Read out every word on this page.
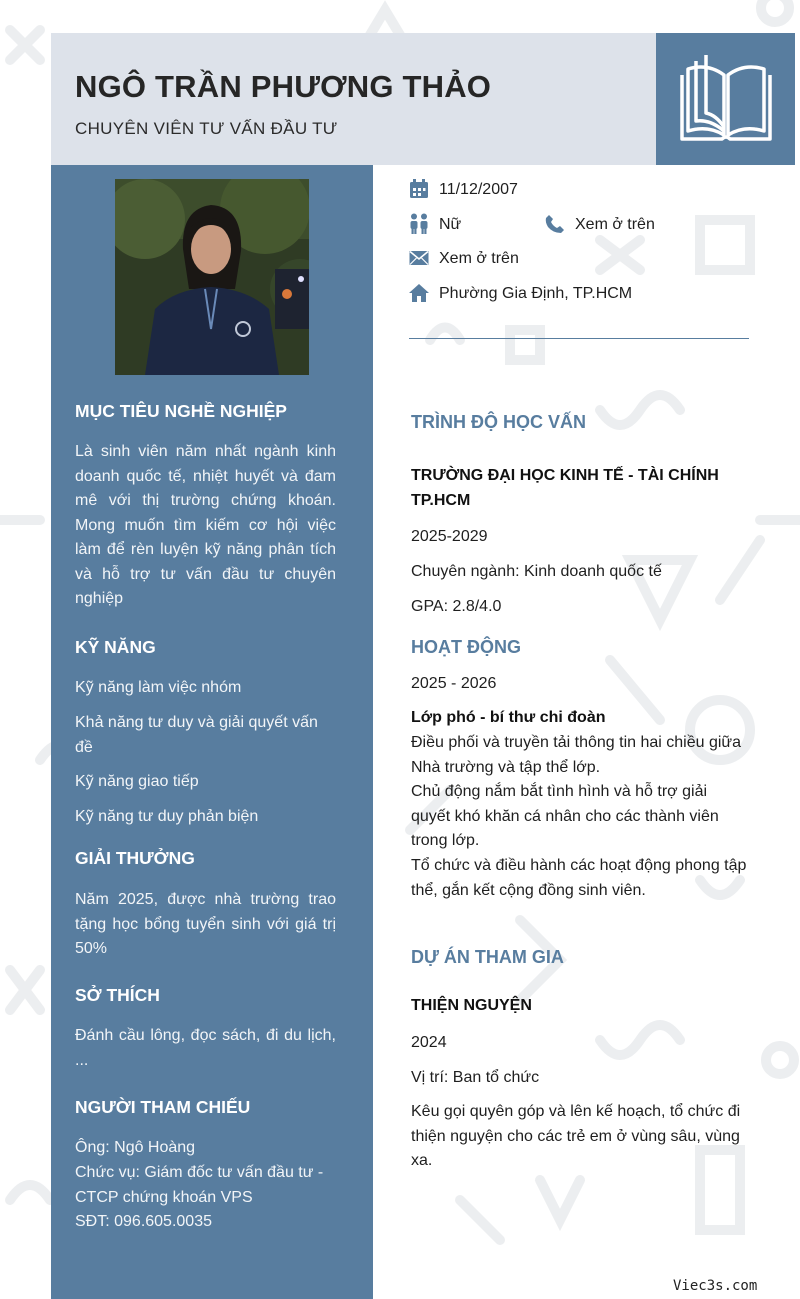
NGÔ TRẦN PHƯƠNG THẢO
CHUYÊN VIÊN TƯ VẤN ĐẦU TƯ
MỤC TIÊU NGHỀ NGHIỆP
Là sinh viên năm nhất ngành kinh doanh quốc tế, nhiệt huyết và đam mê với thị trường chứng khoán. Mong muốn tìm kiếm cơ hội việc làm để rèn luyện kỹ năng phân tích và hỗ trợ tư vấn đầu tư chuyên nghiệp
KỸ NĂNG
Kỹ năng làm việc nhóm
Khả năng tư duy và giải quyết vấn đề
Kỹ năng giao tiếp
Kỹ năng tư duy phản biện
GIẢI THƯỞNG
Năm 2025, được nhà trường trao tặng học bổng tuyển sinh với giá trị 50%
SỞ THÍCH
Đánh cầu lông, đọc sách, đi du lịch, ...
NGƯỜI THAM CHIẾU
Ông: Ngô Hoàng
Chức vụ: Giám đốc tư vấn đầu tư - CTCP chứng khoán VPS
SĐT: 096.605.0035
11/12/2007
Nữ	Xem ở trên
Xem ở trên
Phường Gia Định, TP.HCM
TRÌNH ĐỘ HỌC VẤN
TRƯỜNG ĐẠI HỌC KINH TẾ - TÀI CHÍNH TP.HCM
2025-2029
Chuyên ngành: Kinh doanh quốc tế
GPA: 2.8/4.0
HOẠT ĐỘNG
2025 - 2026
Lớp phó - bí thư chi đoàn
Điều phối và truyền tải thông tin hai chiều giữa Nhà trường và tập thể lớp.
Chủ động nắm bắt tình hình và hỗ trợ giải quyết khó khăn cá nhân cho các thành viên trong lớp.
Tổ chức và điều hành các hoạt động phong tập thể, gắn kết cộng đồng sinh viên.
DỰ ÁN THAM GIA
THIỆN NGUYỆN
2024
Vị trí: Ban tổ chức
Kêu gọi quyên góp và lên kế hoạch, tổ chức đi thiện nguyện cho các trẻ em ở vùng sâu, vùng xa.
Viec3s.com
